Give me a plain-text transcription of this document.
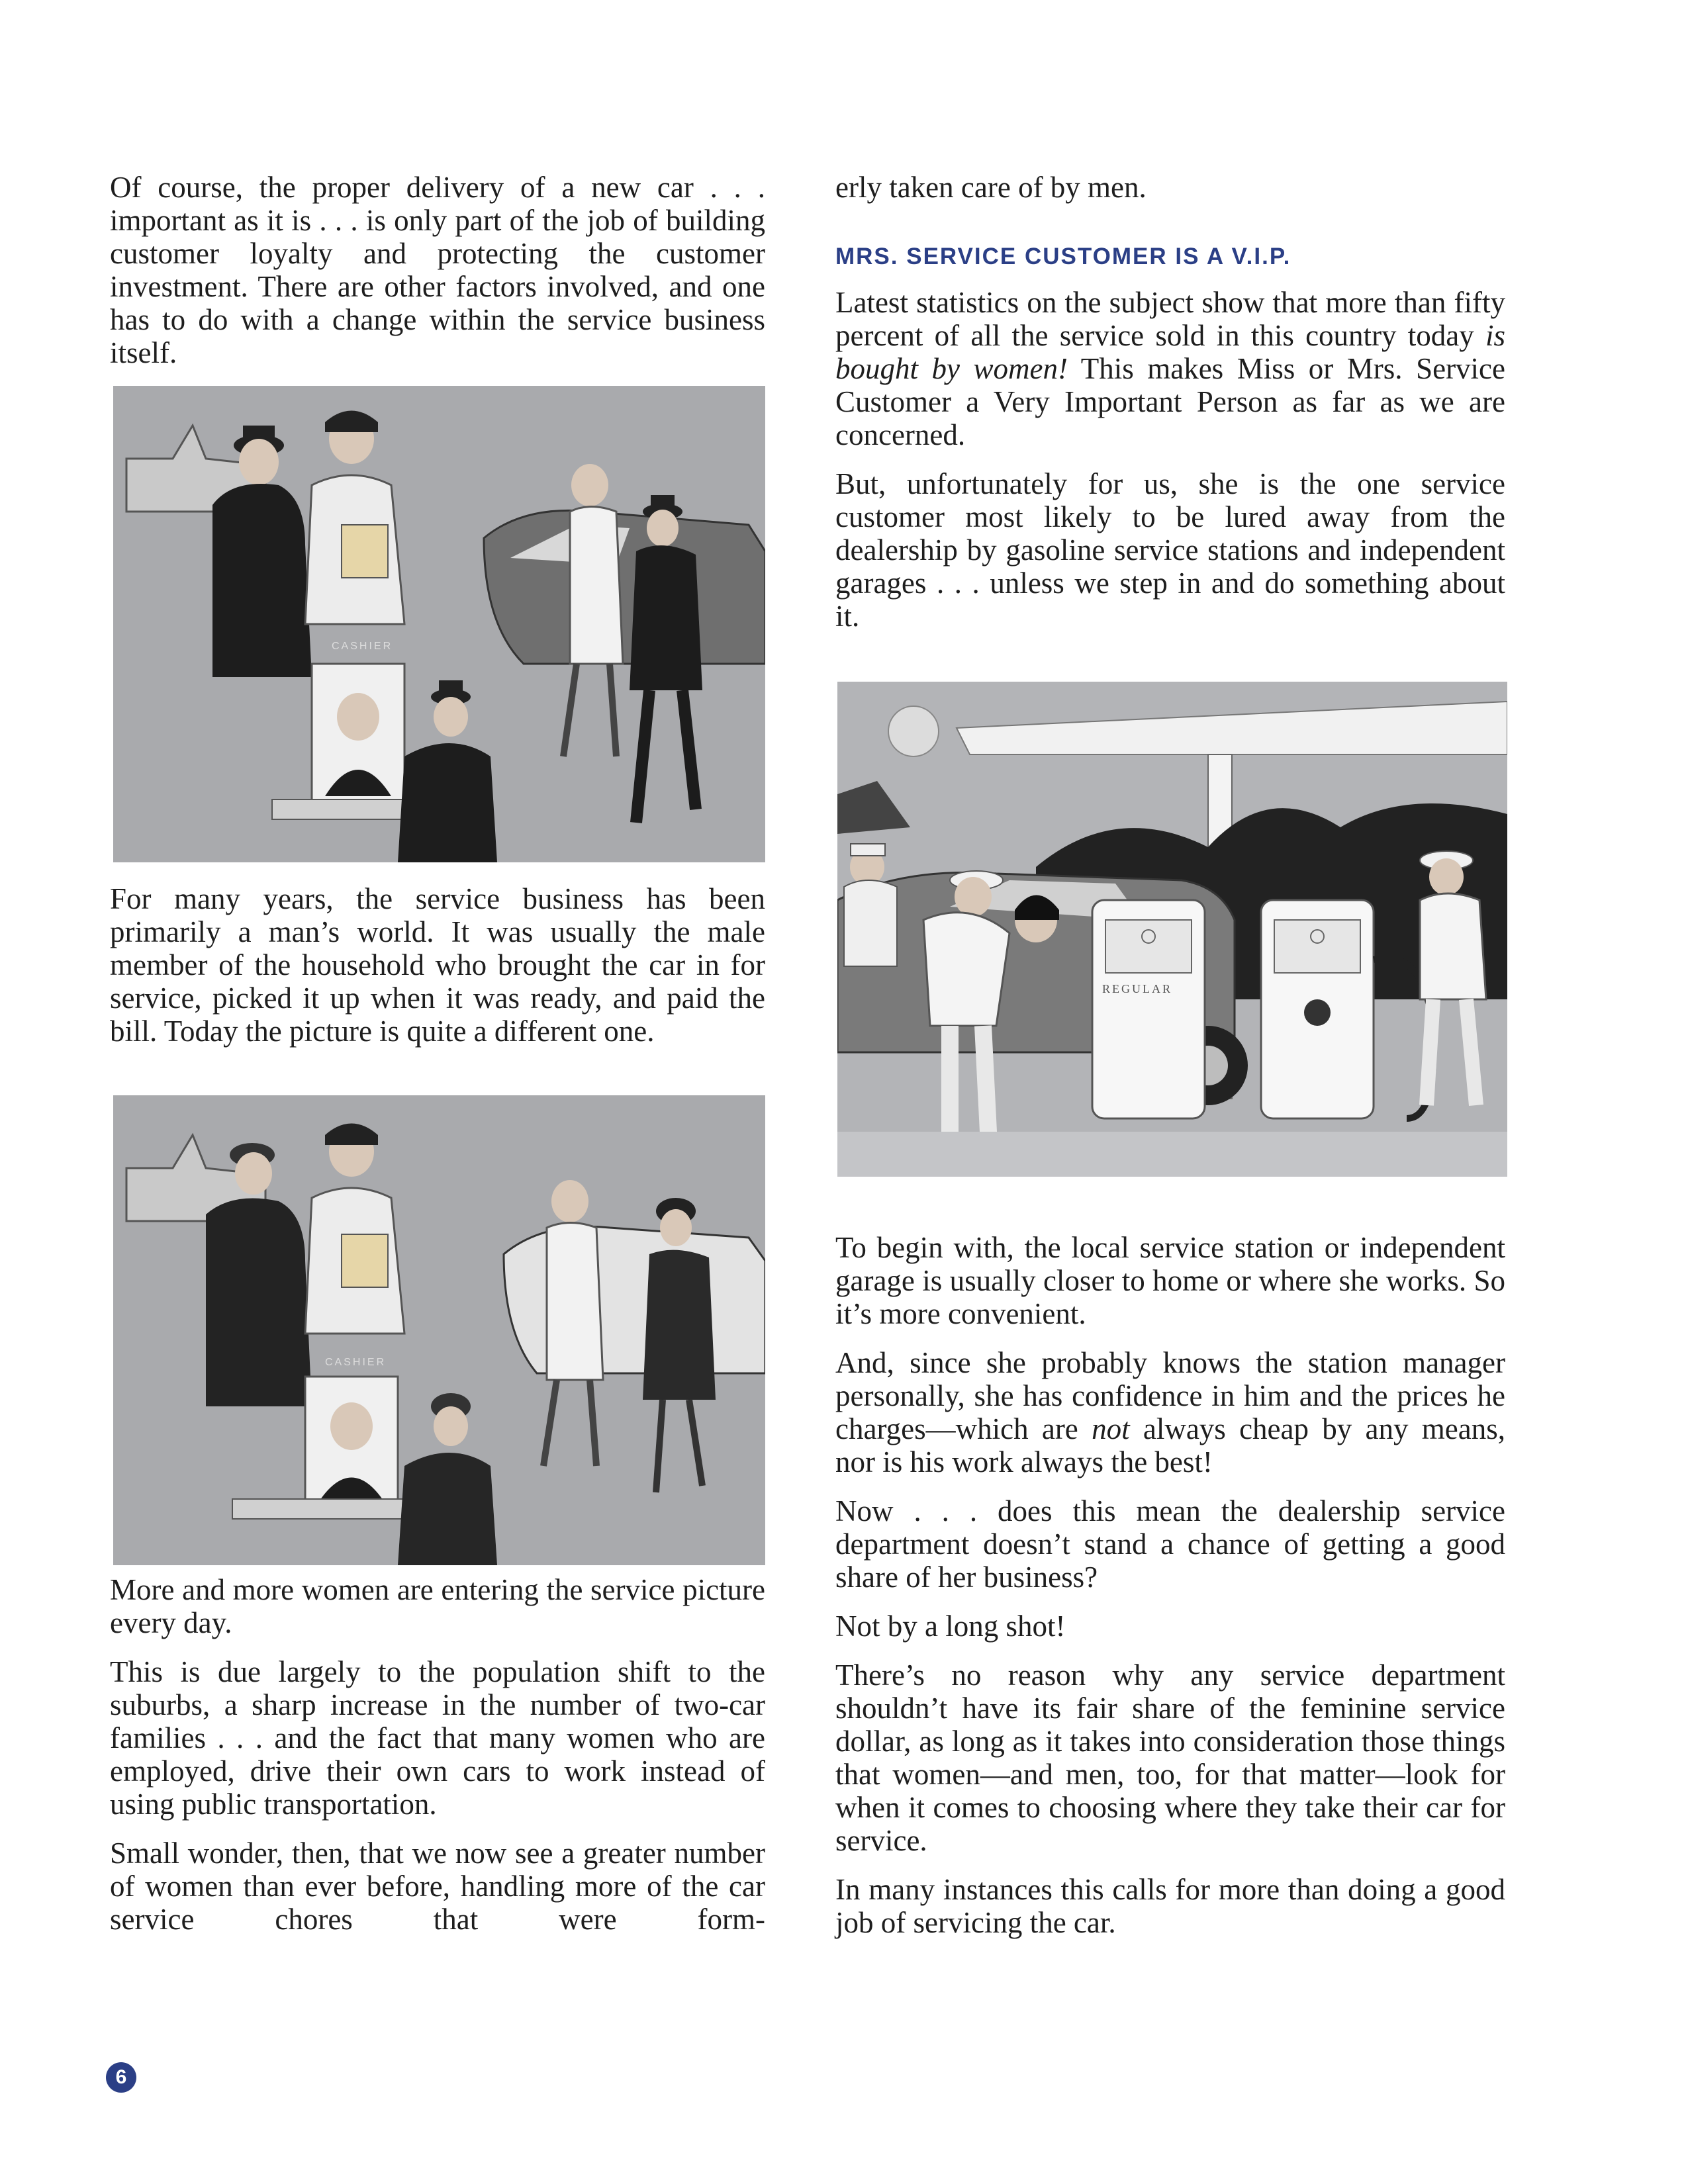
Of course, the proper delivery of a new car . . . important as it is . . . is only part of the job of building customer loyalty and protecting the customer investment. There are other factors involved, and one has to do with a change within the service business itself.

CASHIER

For many years, the service business has been primarily a man’s world. It was usually the male member of the household who brought the car in for service, picked it up when it was ready, and paid the bill. Today the picture is quite a different one.

CASHIER

More and more women are entering the service picture every day.

This is due largely to the population shift to the suburbs, a sharp increase in the number of two-car families . . . and the fact that many women who are employed, drive their own cars to work instead of using public transportation.

Small wonder, then, that we now see a greater number of women than ever before, handling more of the car service chores that were form-

erly taken care of by men.

MRS. SERVICE CUSTOMER IS A V.I.P.

Latest statistics on the subject show that more than fifty percent of all the service sold in this country today is bought by women! This makes Miss or Mrs. Service Customer a Very Important Person as far as we are concerned.

But, unfortunately for us, she is the one service customer most likely to be lured away from the dealership by gasoline service stations and independent garages . . . unless we step in and do something about it.

REGULAR

To begin with, the local service station or independent garage is usually closer to home or where she works. So it’s more convenient.

And, since she probably knows the station manager personally, she has confidence in him and the prices he charges—which are not always cheap by any means, nor is his work always the best!

Now . . . does this mean the dealership service department doesn’t stand a chance of getting a good share of her business?

Not by a long shot!

There’s no reason why any service department shouldn’t have its fair share of the feminine service dollar, as long as it takes into consideration those things that women—and men, too, for that matter—look for when it comes to choosing where they take their car for service.

In many instances this calls for more than doing a good job of servicing the car.

6
